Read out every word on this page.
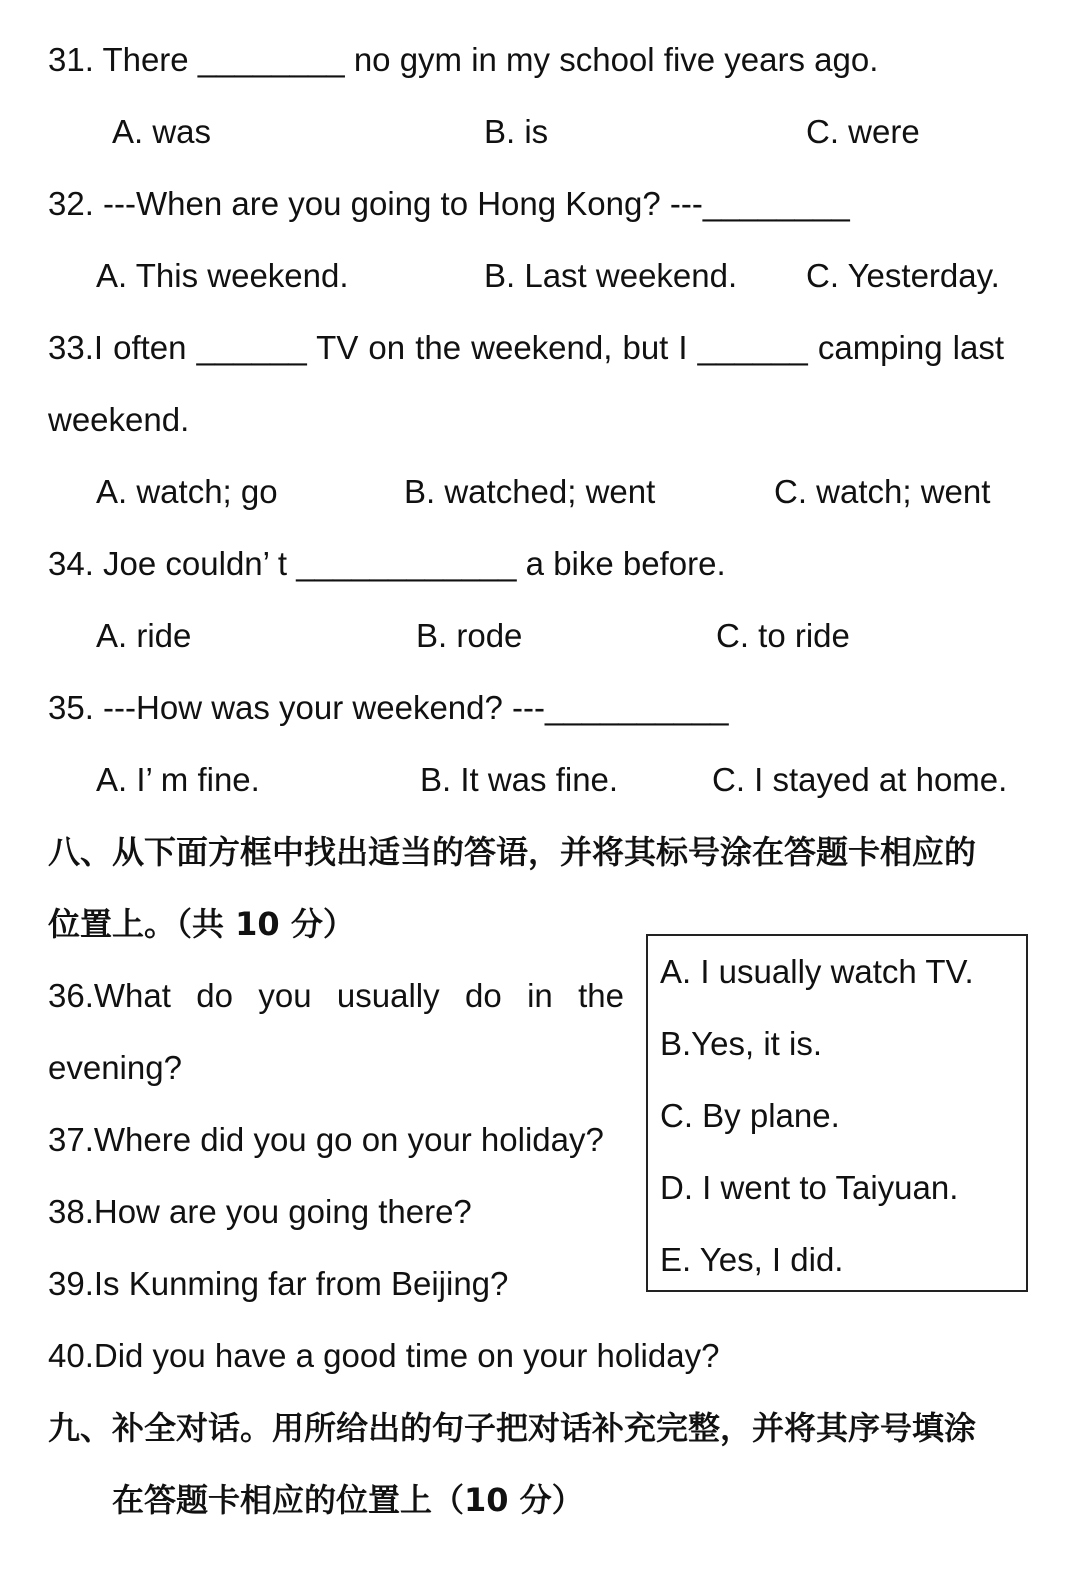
31. There ________ no gym in my school five years ago.
A. was	B. is	C. were
32. ---When are you going to Hong Kong? ---________
A. This weekend.	B. Last weekend. C. Yesterday.
33.I often ______ TV on the weekend, but I ______ camping last
weekend.
A. watch; go	B. watched; went	C. watch; went
34. Joe couldn’ t ____________ a bike before.
A. ride	B. rode	C. to ride
35. ---How was your weekend? ---__________
A. I’ m fine.	B. It was fine.	C. I stayed at home.
八、从下面方框中找出适当的答语，并将其标号涂在答题卡相应的
位置上。（共 10 分）
36.What do you usually do in the
evening?
37.Where did you go on your holiday?
38.How are you going there?
39.Is Kunming far from Beijing?
40.Did you have a good time on your holiday?
A. I usually watch TV.
B.Yes, it is.
C. By plane.
D. I went to Taiyuan.
E. Yes, I did.
九、补全对话。用所给出的句子把对话补充完整，并将其序号填涂
在答题卡相应的位置上（10 分）
